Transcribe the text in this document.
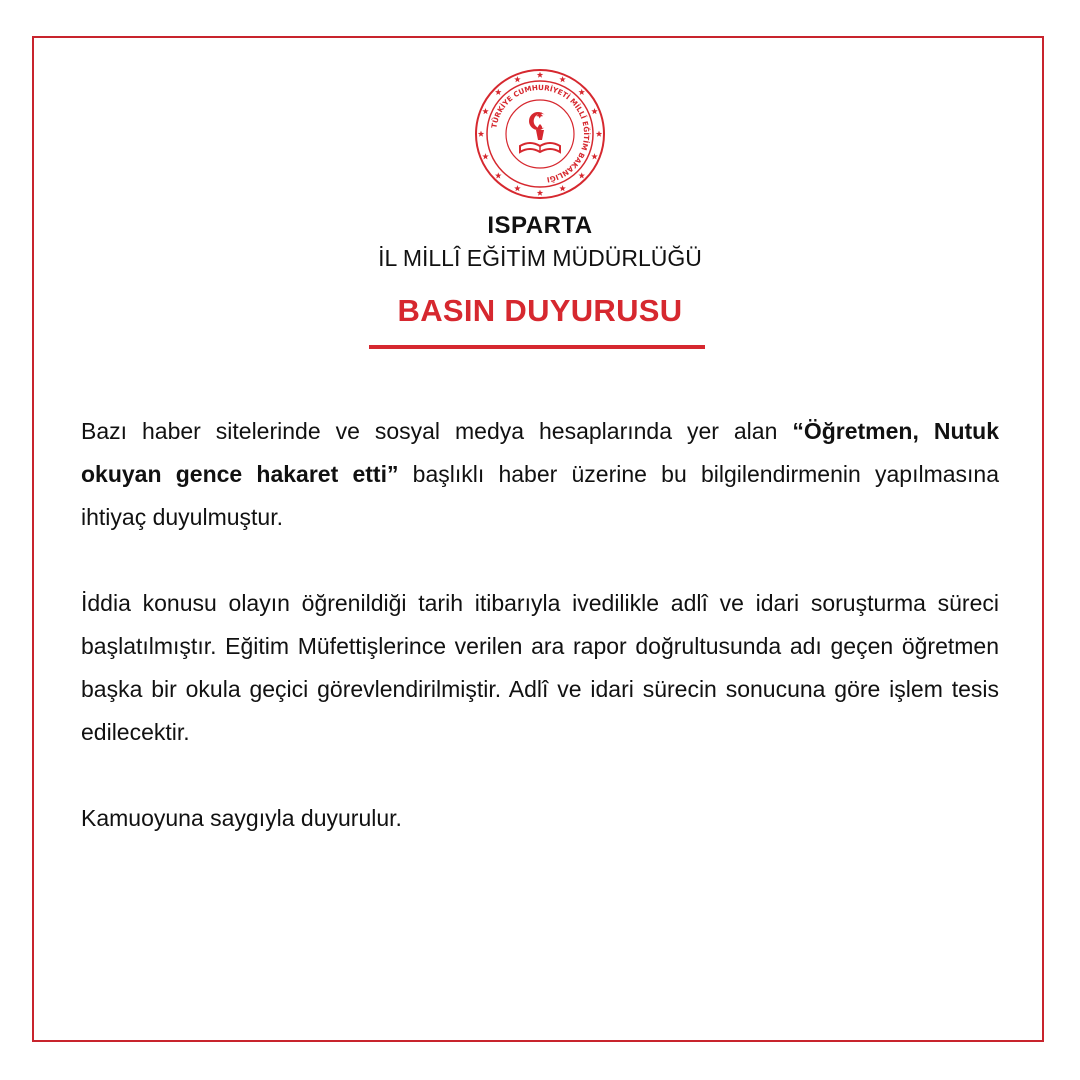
TÜRKİYE CUMHURİYETİ MİLLÎ EĞİTİM BAKANLIĞI
ISPARTA
İL MİLLÎ EĞİTİM MÜDÜRLÜĞÜ
BASIN DUYURUSU

Bazı haber sitelerinde ve sosyal medya hesaplarında yer alan “Öğretmen, Nutuk okuyan gence hakaret etti” başlıklı haber üzerine bu bilgilendirmenin yapılmasına ihtiyaç duyulmuştur.

İddia konusu olayın öğrenildiği tarih itibarıyla ivedilikle adlî ve idari soruşturma süreci başlatılmıştır. Eğitim Müfettişlerince verilen ara rapor doğrultusunda adı geçen öğretmen başka bir okula geçici görevlendirilmiştir. Adlî ve idari sürecin sonucuna göre işlem tesis edilecektir.

Kamuoyuna saygıyla duyurulur.
